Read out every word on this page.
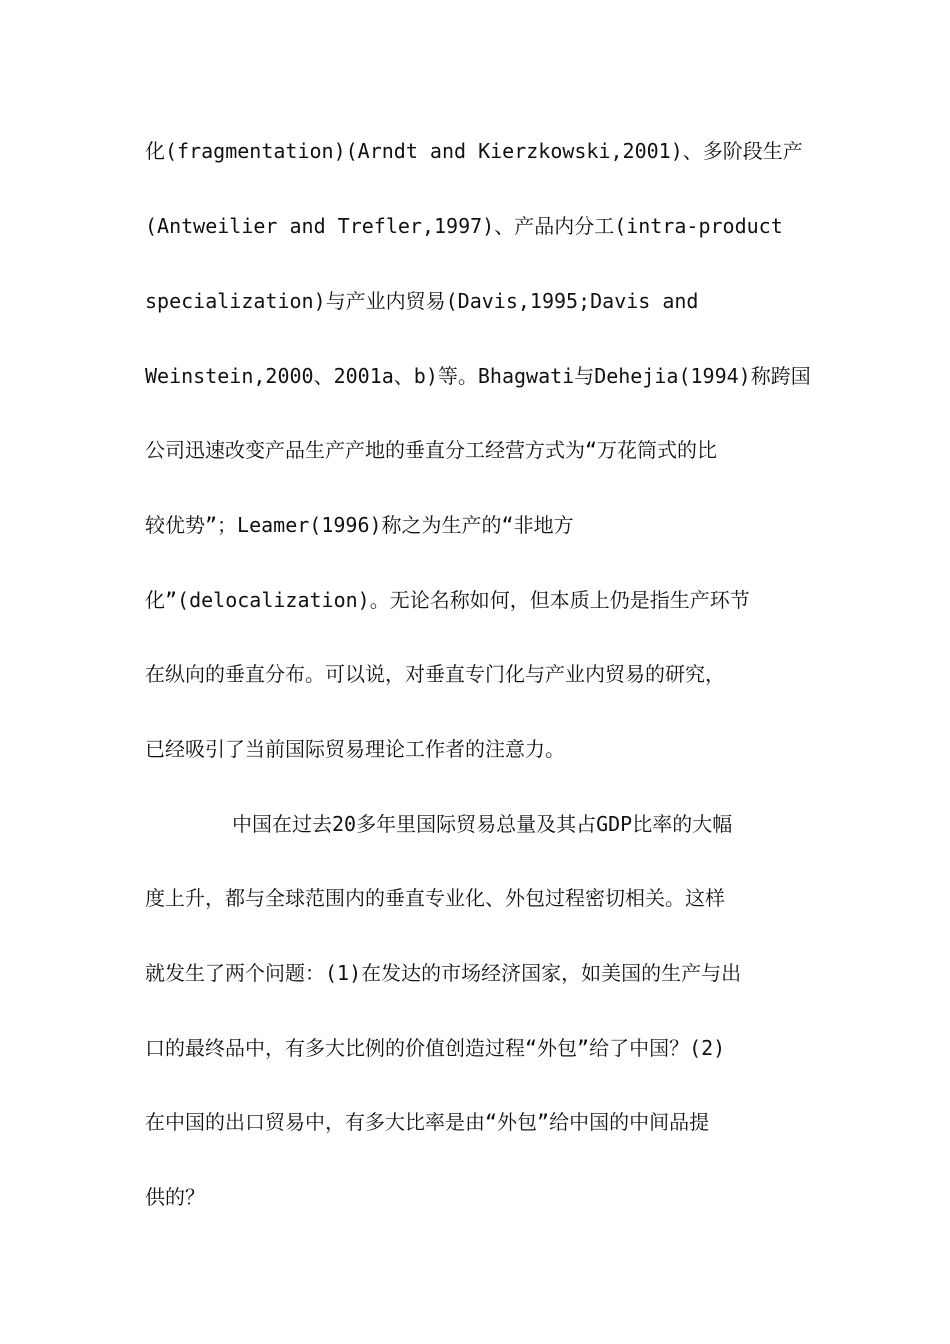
化(fragmentation)(Arndt and Kierzkowski,2001)、多阶段生产
(Antweilier and Trefler,1997)、产品内分工(intra-product
specialization)与产业内贸易(Davis,1995;Davis and
Weinstein,2000、2001a、b)等。Bhagwati与Dehejia(1994)称跨国
公司迅速改变产品生产产地的垂直分工经营方式为“万花筒式的比
较优势”；Leamer(1996)称之为生产的“非地方
化”(delocalization)。无论名称如何，但本质上仍是指生产环节
在纵向的垂直分布。可以说，对垂直专门化与产业内贸易的研究，
已经吸引了当前国际贸易理论工作者的注意力。
中国在过去20多年里国际贸易总量及其占GDP比率的大幅
度上升，都与全球范围内的垂直专业化、外包过程密切相关。这样
就发生了两个问题：(1)在发达的市场经济国家，如美国的生产与出
口的最终品中，有多大比例的价值创造过程“外包”给了中国？(2)
在中国的出口贸易中，有多大比率是由“外包”给中国的中间品提
供的？
